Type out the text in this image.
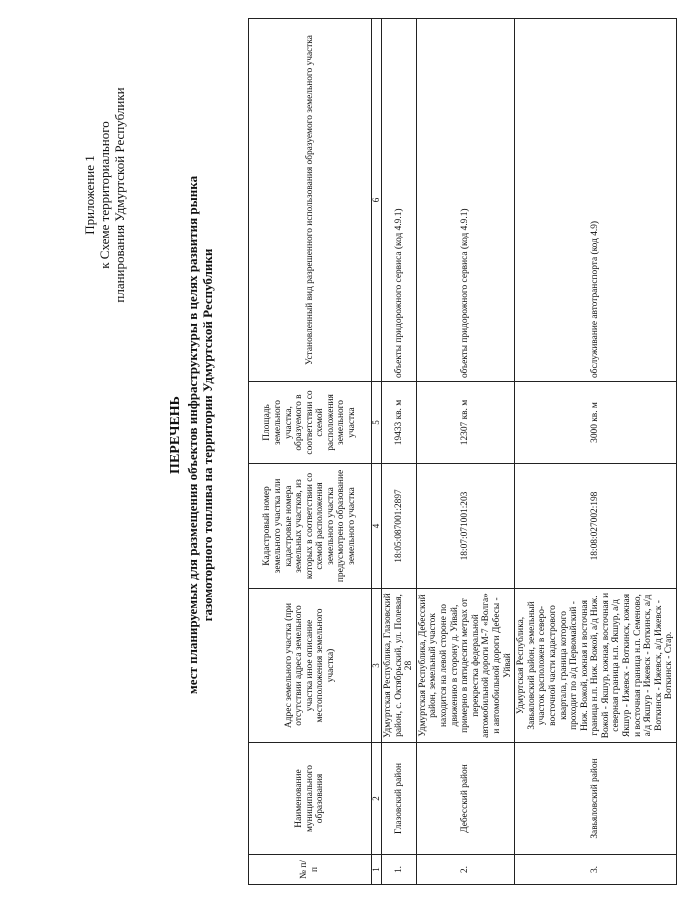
Приложение 1 к Схеме территориального планирования Удмуртской Республики
ПЕРЕЧЕНЬ мест планируемых для размещения объектов инфраструктуры в целях развития рынка газомоторного топлива на территории Удмуртской Республики
№ п/п	Наименование муниципального образования	Адрес земельного участка (при отсутствии адреса земельного участка иное описание местоположения земельного участка)	Кадастровый номер земельного участка или кадастровые номера земельных участков, из которых в соответствии со схемой расположения земельного участка предусмотрено образование земельного участка	Площадь земельного участка, образуемого в соответствии со схемой расположения земельного участка	Установленный вид разрешенного использования образуемого земельного участка
1	2	3	4	5	6
1.	Глазовский район	Удмуртская Республика, Глазовский район, с. Октябрьский, ул. Полевая, 28	18:05:087001:2897	19433 кв. м	объекты придорожного сервиса (код 4.9.1)
2.	Дебесский район	Удмуртская Республика, Дебесский район, земельный участок находится на левой стороне по движению в сторону д. Уйвай, примерно в пятидесяти метрах от перекрестка федеральной автомобильной дороги М-7 «Волга» и автомобильной дороги Дебесы - Уйвай	18:07:071001:203	12307 кв. м	объекты придорожного сервиса (код 4.9.1)
3.	Завьяловский район	Удмуртская Республика, Завьяловский район, земельный участок расположен в северо-восточной части кадастрового квартала, граница которого проходит по а/д Первомайский - Ниж. Вожой, южная и восточная граница н.п. Ниж. Вожой, а/д Ниж. Вожой - Якшур, южная, восточная и северная граница н.п. Якшур, а/д Якшур - Ижевск - Воткинск, южная и восточная граница н.п. Семеново, а/д Якшур - Ижевск - Воткинск, а/д Воткинск - Ижевск, а/д Ижевск - Воткинск - Стар.	18:08:027002:198	3000 кв. м	обслуживание автотранспорта (код 4.9)
